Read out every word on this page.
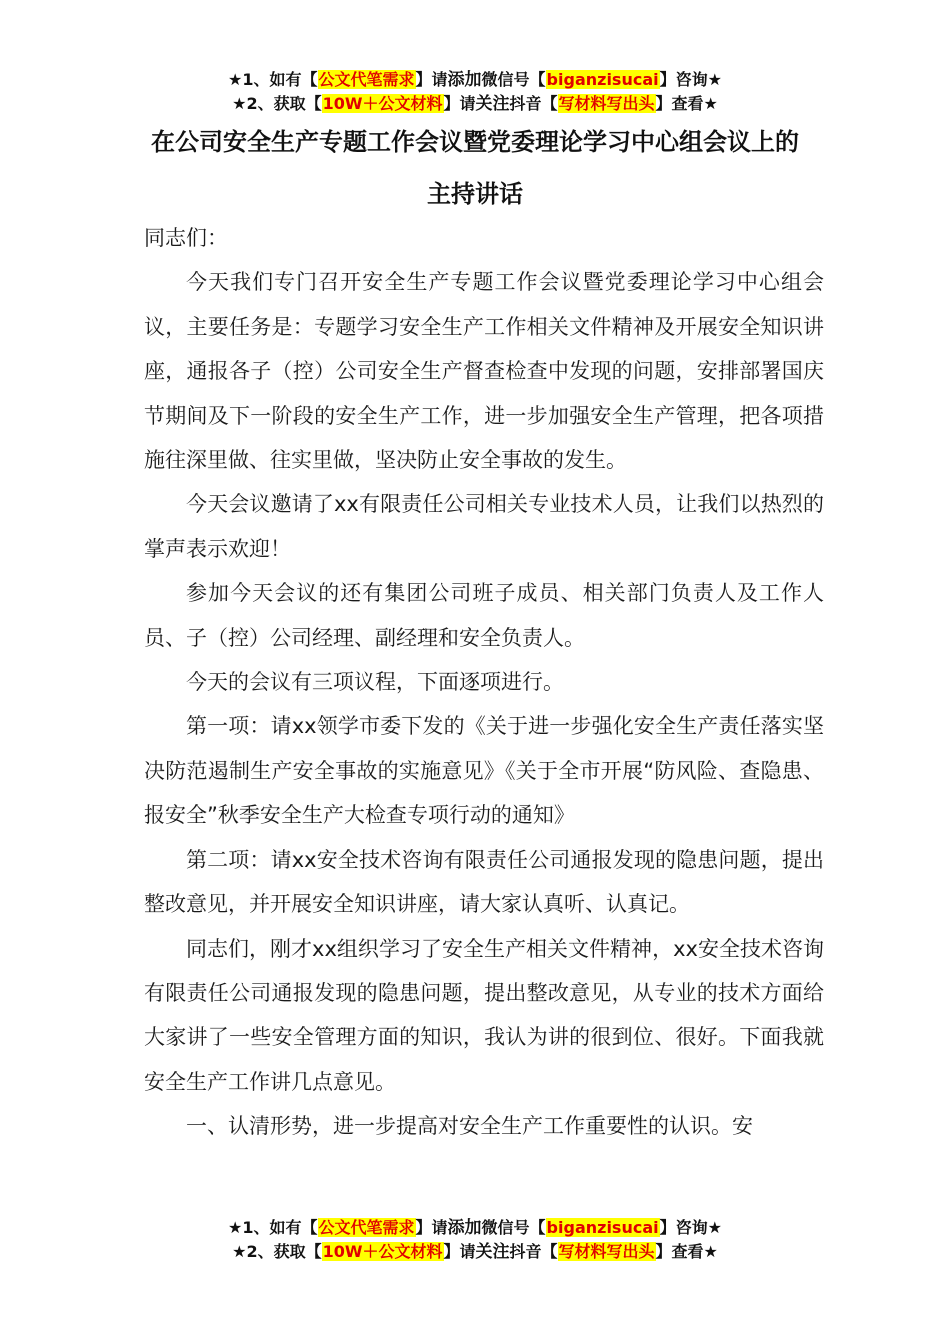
★1、如有【公文代笔需求】请添加微信号【biganzisucai】咨询★
★2、获取【10W＋公文材料】请关注抖音【写材料写出头】查看★
在公司安全生产专题工作会议暨党委理论学习中心组会议上的主持讲话

同志们：

今天我们专门召开安全生产专题工作会议暨党委理论学习中心组会议，主要任务是：专题学习安全生产工作相关文件精神及开展安全知识讲座，通报各子（控）公司安全生产督查检查中发现的问题，安排部署国庆节期间及下一阶段的安全生产工作，进一步加强安全生产管理，把各项措施往深里做、往实里做，坚决防止安全事故的发生。

今天会议邀请了xx有限责任公司相关专业技术人员，让我们以热烈的掌声表示欢迎！

参加今天会议的还有集团公司班子成员、相关部门负责人及工作人员、子（控）公司经理、副经理和安全负责人。

今天的会议有三项议程，下面逐项进行。

第一项：请xx领学市委下发的《关于进一步强化安全生产责任落实坚决防范遏制生产安全事故的实施意见》《关于全市开展“防风险、查隐患、报安全”秋季安全生产大检查专项行动的通知》

第二项：请xx安全技术咨询有限责任公司通报发现的隐患问题，提出整改意见，并开展安全知识讲座，请大家认真听、认真记。

同志们，刚才xx组织学习了安全生产相关文件精神，xx安全技术咨询有限责任公司通报发现的隐患问题，提出整改意见，从专业的技术方面给大家讲了一些安全管理方面的知识，我认为讲的很到位、很好。下面我就安全生产工作讲几点意见。

一、认清形势，进一步提高对安全生产工作重要性的认识。安

★1、如有【公文代笔需求】请添加微信号【biganzisucai】咨询★
★2、获取【10W＋公文材料】请关注抖音【写材料写出头】查看★
